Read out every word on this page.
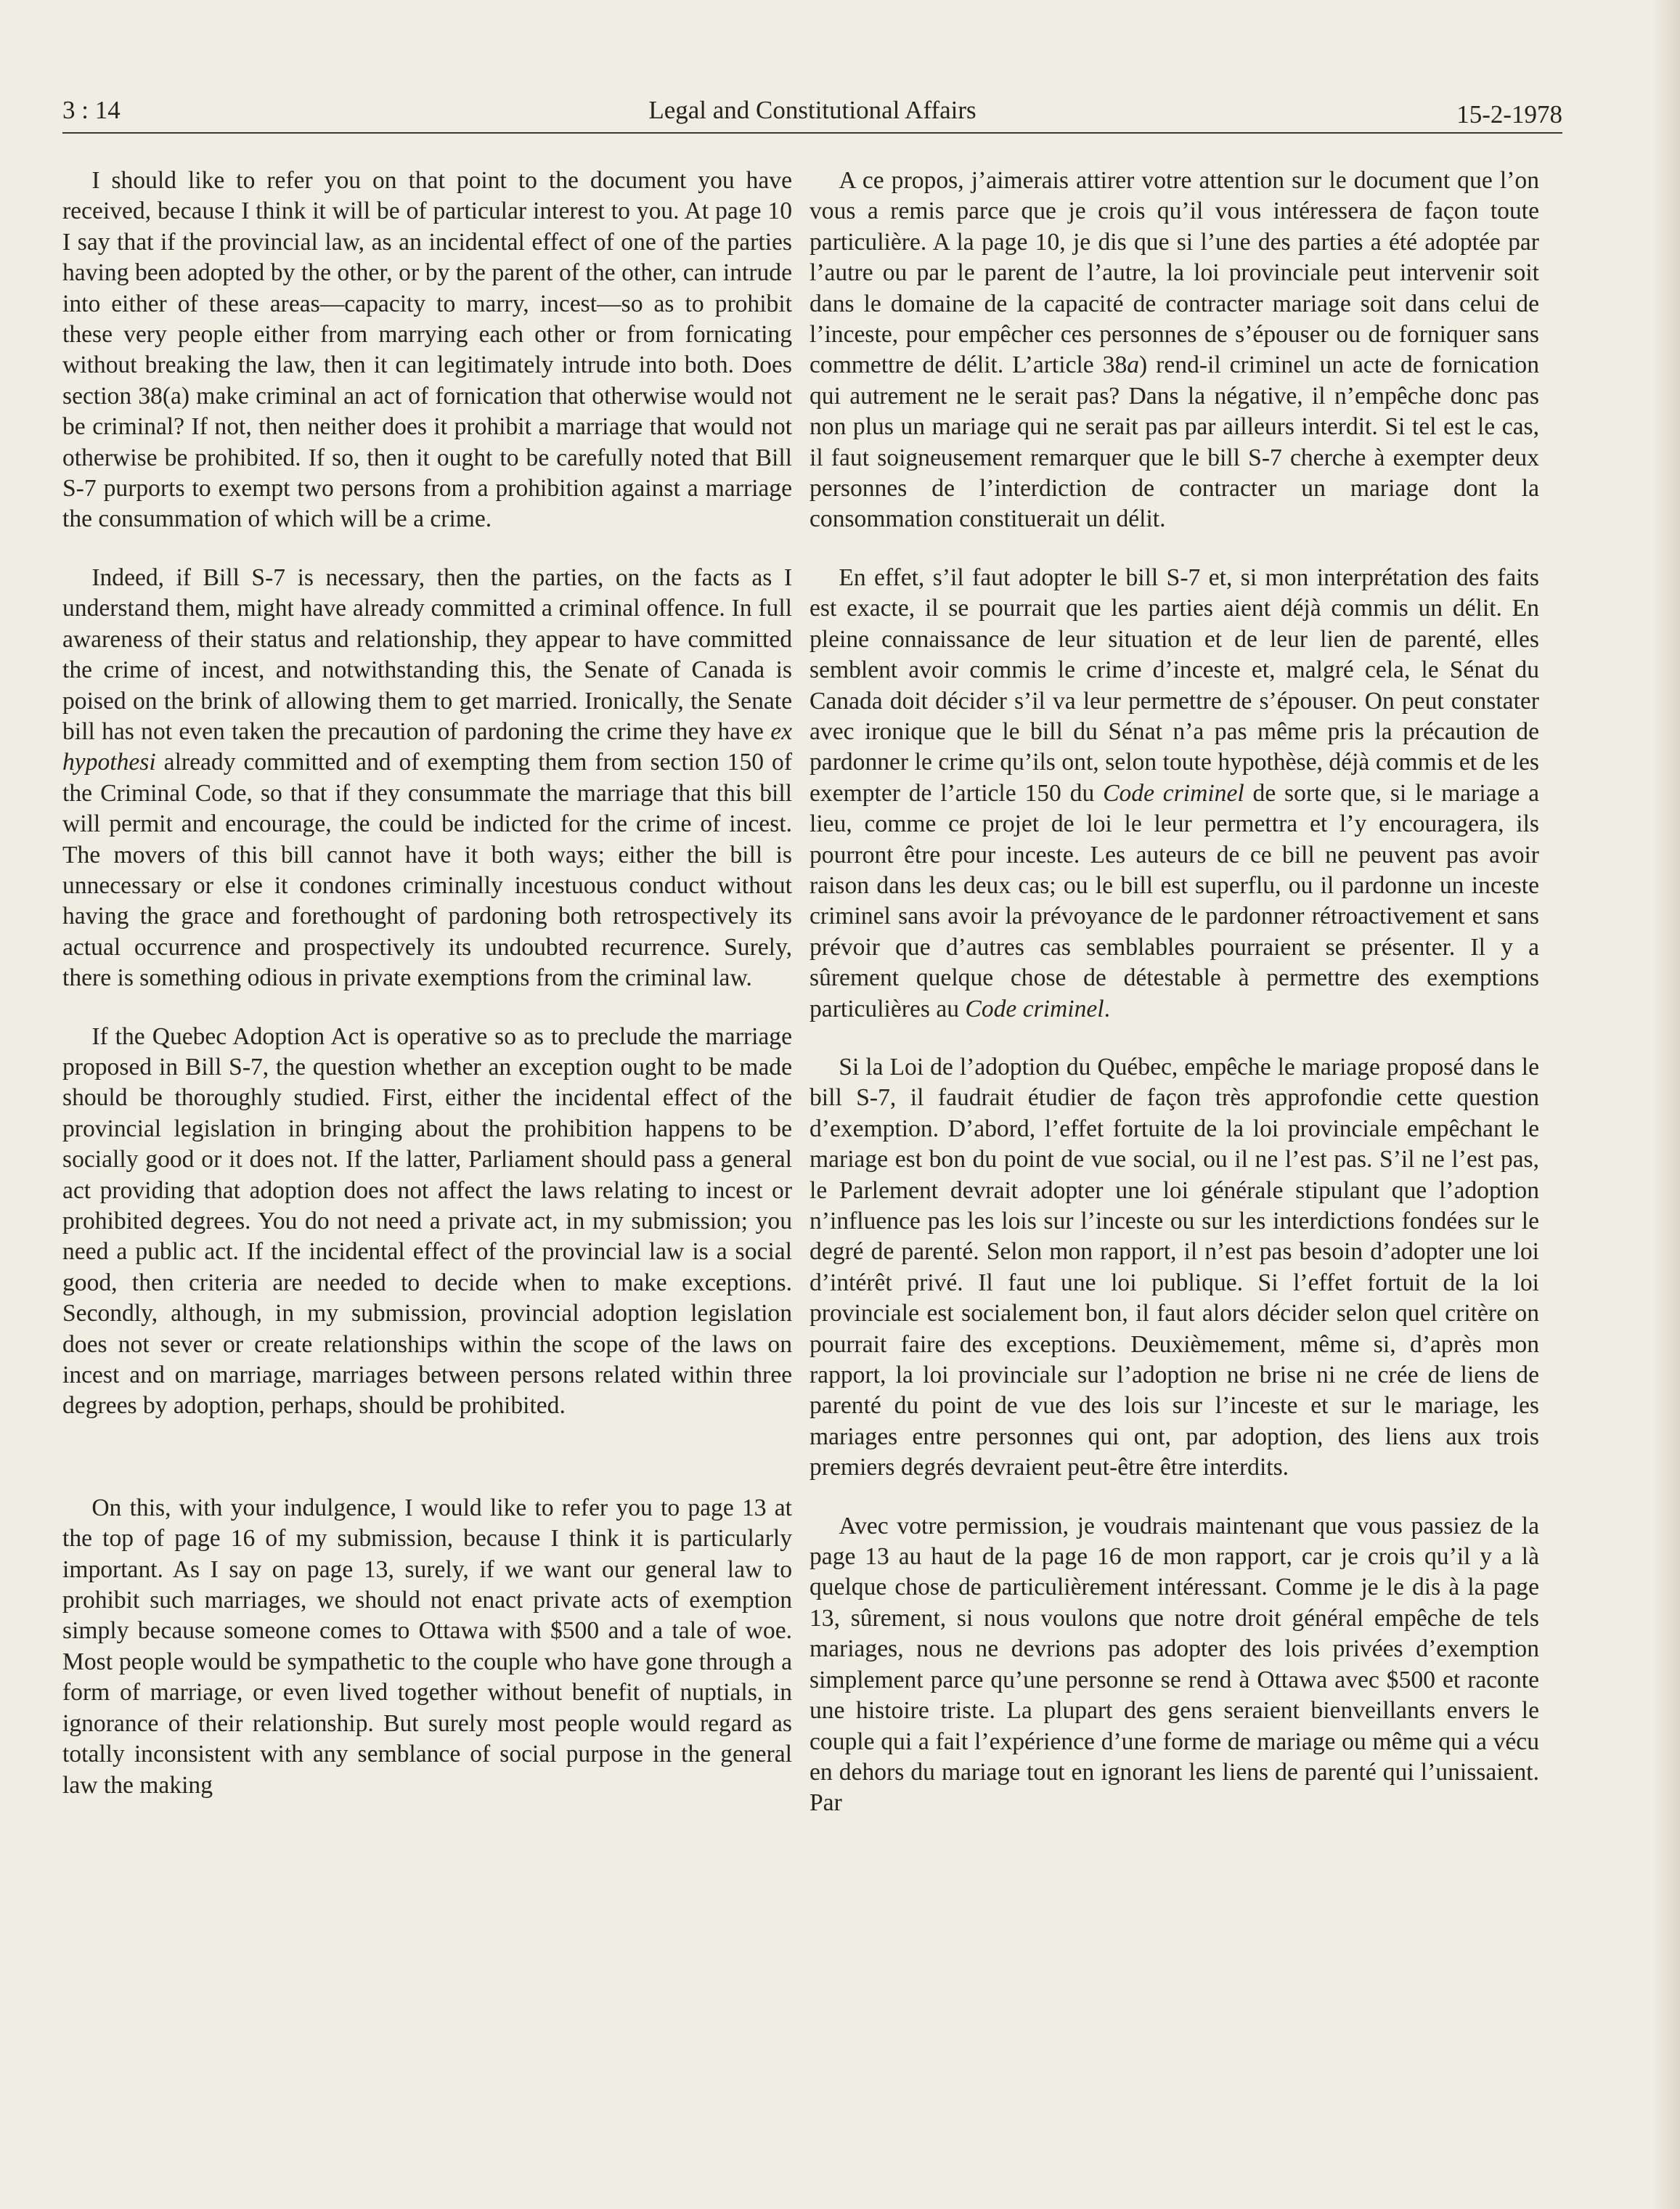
3 : 14	Legal and Constitutional Affairs	15-2-1978

I should like to refer you on that point to the document you have received, because I think it will be of particular interest to you. At page 10 I say that if the provincial law, as an incidental effect of one of the parties having been adopted by the other, or by the parent of the other, can intrude into either of these areas—capacity to marry, incest—so as to prohibit these very people either from marrying each other or from fornicating without breaking the law, then it can legitimately intrude into both. Does section 38(a) make criminal an act of fornication that otherwise would not be criminal? If not, then neither does it prohibit a marriage that would not otherwise be prohibited. If so, then it ought to be carefully noted that Bill S-7 purports to exempt two persons from a prohibition against a marriage the consummation of which will be a crime.

Indeed, if Bill S-7 is necessary, then the parties, on the facts as I understand them, might have already committed a criminal offence. In full awareness of their status and relationship, they appear to have committed the crime of incest, and notwithstanding this, the Senate of Canada is poised on the brink of allowing them to get married. Ironically, the Senate bill has not even taken the precaution of pardoning the crime they have ex hypothesi already committed and of exempting them from section 150 of the Criminal Code, so that if they consummate the marriage that this bill will permit and encourage, the could be indicted for the crime of incest. The movers of this bill cannot have it both ways; either the bill is unnecessary or else it condones criminally incestuous conduct without having the grace and forethought of pardoning both retrospectively its actual occurrence and prospectively its undoubted recurrence. Surely, there is something odious in private exemptions from the criminal law.

If the Quebec Adoption Act is operative so as to preclude the marriage proposed in Bill S-7, the question whether an exception ought to be made should be thoroughly studied. First, either the incidental effect of the provincial legislation in bringing about the prohibition happens to be socially good or it does not. If the latter, Parliament should pass a general act providing that adoption does not affect the laws relating to incest or prohibited degrees. You do not need a private act, in my submission; you need a public act. If the incidental effect of the provincial law is a social good, then criteria are needed to decide when to make exceptions. Secondly, although, in my submission, provincial adoption legislation does not sever or create relationships within the scope of the laws on incest and on marriage, marriages between persons related within three degrees by adoption, perhaps, should be prohibited.

On this, with your indulgence, I would like to refer you to page 13 at the top of page 16 of my submission, because I think it is particularly important. As I say on page 13, surely, if we want our general law to prohibit such marriages, we should not enact private acts of exemption simply because someone comes to Ottawa with $500 and a tale of woe. Most people would be sympathetic to the couple who have gone through a form of marriage, or even lived together without benefit of nuptials, in ignorance of their relationship. But surely most people would regard as totally inconsistent with any semblance of social purpose in the general law the making

A ce propos, j’aimerais attirer votre attention sur le document que l’on vous a remis parce que je crois qu’il vous intéressera de façon toute particulière. A la page 10, je dis que si l’une des parties a été adoptée par l’autre ou par le parent de l’autre, la loi provinciale peut intervenir soit dans le domaine de la capacité de contracter mariage soit dans celui de l’inceste, pour empêcher ces personnes de s’épouser ou de forniquer sans commettre de délit. L’article 38a) rend-il criminel un acte de fornication qui autrement ne le serait pas? Dans la négative, il n’empêche donc pas non plus un mariage qui ne serait pas par ailleurs interdit. Si tel est le cas, il faut soigneusement remarquer que le bill S-7 cherche à exempter deux personnes de l’interdiction de contracter un mariage dont la consommation constituerait un délit.

En effet, s’il faut adopter le bill S-7 et, si mon interprétation des faits est exacte, il se pourrait que les parties aient déjà commis un délit. En pleine connaissance de leur situation et de leur lien de parenté, elles semblent avoir commis le crime d’inceste et, malgré cela, le Sénat du Canada doit décider s’il va leur permettre de s’épouser. On peut constater avec ironique que le bill du Sénat n’a pas même pris la précaution de pardonner le crime qu’ils ont, selon toute hypothèse, déjà commis et de les exempter de l’article 150 du Code criminel de sorte que, si le mariage a lieu, comme ce projet de loi le leur permettra et l’y encouragera, ils pourront être pour inceste. Les auteurs de ce bill ne peuvent pas avoir raison dans les deux cas; ou le bill est superflu, ou il pardonne un inceste criminel sans avoir la prévoyance de le pardonner rétroactivement et sans prévoir que d’autres cas semblables pourraient se présenter. Il y a sûrement quelque chose de détestable à permettre des exemptions particulières au Code criminel.

Si la Loi de l’adoption du Québec, empêche le mariage proposé dans le bill S-7, il faudrait étudier de façon très approfondie cette question d’exemption. D’abord, l’effet fortuite de la loi provinciale empêchant le mariage est bon du point de vue social, ou il ne l’est pas. S’il ne l’est pas, le Parlement devrait adopter une loi générale stipulant que l’adoption n’influence pas les lois sur l’inceste ou sur les interdictions fondées sur le degré de parenté. Selon mon rapport, il n’est pas besoin d’adopter une loi d’intérêt privé. Il faut une loi publique. Si l’effet fortuit de la loi provinciale est socialement bon, il faut alors décider selon quel critère on pourrait faire des exceptions. Deuxièmement, même si, d’après mon rapport, la loi provinciale sur l’adoption ne brise ni ne crée de liens de parenté du point de vue des lois sur l’inceste et sur le mariage, les mariages entre personnes qui ont, par adoption, des liens aux trois premiers degrés devraient peut-être être interdits.

Avec votre permission, je voudrais maintenant que vous passiez de la page 13 au haut de la page 16 de mon rapport, car je crois qu’il y a là quelque chose de particulièrement intéressant. Comme je le dis à la page 13, sûrement, si nous voulons que notre droit général empêche de tels mariages, nous ne devrions pas adopter des lois privées d’exemption simplement parce qu’une personne se rend à Ottawa avec $500 et raconte une histoire triste. La plupart des gens seraient bienveillants envers le couple qui a fait l’expérience d’une forme de mariage ou même qui a vécu en dehors du mariage tout en ignorant les liens de parenté qui l’unissaient. Par
